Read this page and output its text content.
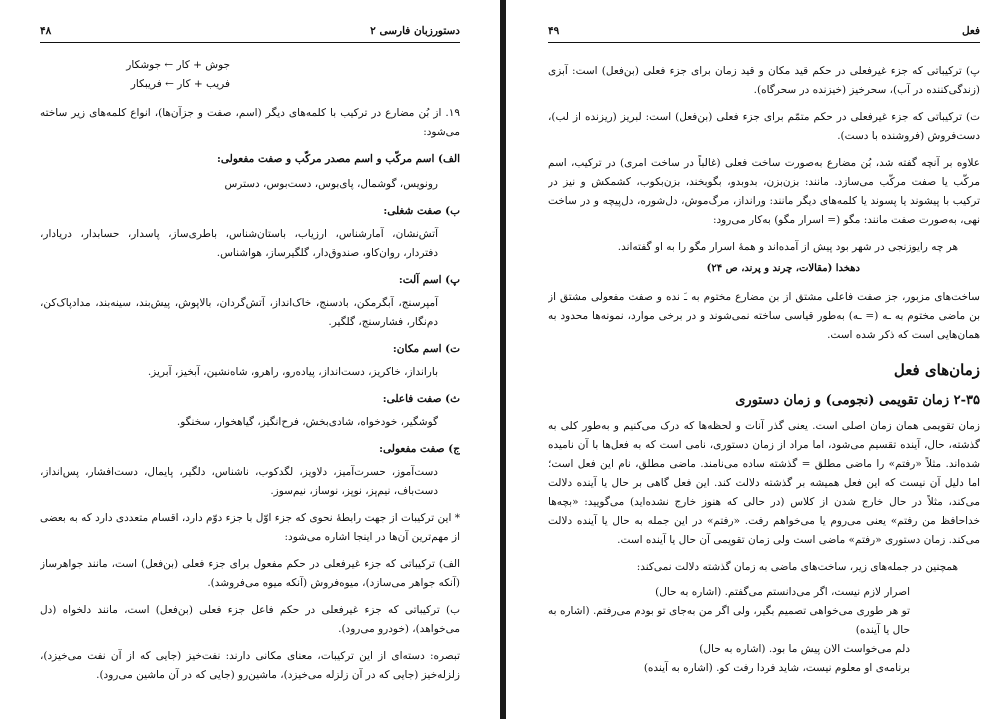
۴۸	دستورزبان فارسی ۲

جوش + کار ← جوشکار

فریب + کار ← فریبکار

۱۹. از بُن مضارع در ترکیب با کلمه‌های دیگر (اسم، صفت و جزآن‌ها)، انواع کلمه‌های زیر ساخته می‌شود:

الف) اسم مرکّب و اسم مصدر مرکّب و صفت مفعولی:

رونویس، گوشمال، پای‌بوس، دست‌بوس، دسترس

ب) صفت شغلی:

آتش‌نشان، آمارشناس، ارزیاب، باستان‌شناس، باطری‌ساز، پاسدار، حسابدار، دریادار، دفتردار، روان‌کاو، صندوق‌دار، گلگیرساز، هواشناس.

پ) اسم آلت:

آمپرسنج، آبگرمکن، بادسنج، خاک‌انداز، آتش‌گردان، بالاپوش، پیش‌بند، سینه‌بند، مدادپاک‌کن، دم‌نگار، فشارسنج، گلگیر.

ت) اسم مکان:

بارانداز، خاکریز، دست‌انداز، پیاده‌رو، راهرو، شاه‌نشین، آبخیز، آبریز.

ث) صفت فاعلی:

گوشگیر، خودخواه، شادی‌بخش، فرح‌انگیز، گیاهخوار، سخنگو.

ج) صفت مفعولی:

دست‌آموز، حسرت‌آمیز، دلاویز، لگدکوب، ناشناس، دلگیر، پایمال، دست‌افشار، پس‌انداز، دست‌باف، نیم‌پز، نوپز، نوساز، نیم‌سوز.

* این ترکیبات از جهت رابطهٔ نحوی که جزء اوّل با جزء دوّم دارد، اقسام متعددی دارد که به بعضی از مهم‌ترین آن‌ها در اینجا اشاره می‌شود:

الف) ترکیباتی که جزء غیرفعلی در حکم مفعول برای جزء فعلی (بن‌فعل) است، مانند جواهرساز (آنکه جواهر می‌سازد)، میوه‌فروش (آنکه میوه می‌فروشد).

ب) ترکیباتی که جزء غیرفعلی در حکم فاعل جزء فعلی (بن‌فعل) است، مانند دلخواه (دل می‌خواهد)، (خودرو می‌رود).

تبصره: دسته‌ای از این ترکیبات، معنای مکانی دارند: نفت‌خیز (جایی که از آن نفت می‌خیزد)، زلزله‌خیز (جایی که در آن زلزله می‌خیزد)، ماشین‌رو (جایی که در آن ماشین می‌رود).

۴۹	فعل

پ) ترکیباتی که جزء غیرفعلی در حکم قید مکان و قید زمان برای جزء فعلی (بن‌فعل) است: آبزی (زندگی‌کننده در آب)، سحرخیز (خیزنده در سحرگاه).

ت) ترکیباتی که جزء غیرفعلی در حکم متمّم برای جزء فعلی (بن‌فعل) است: لبریز (ریزنده از لب)، دست‌فروش (فروشنده با دست).

علاوه بر آنچه گفته شد، بُن مضارع به‌صورت ساخت فعلی (غالباً در ساخت امری) در ترکیب، اسم مرکّب یا صفت مرکّب می‌سازد. مانند: بزن‌بزن، بدوبدو، بگوبخند، بزن‌بکوب، کشمکش و نیز در ترکیب با پیشوند یا پسوند یا کلمه‌های دیگر مانند: ورانداز، مرگ‌موش، دل‌شوره، دل‌پیچه و در ساخت نهی، به‌صورت صفت مانند: مگو (= اسرار مگو) به‌کار می‌رود:

هر چه رایوزنجی در شهر بود پیش از آمده‌اند و همهٔ اسرار مگو را به او گفته‌اند.

دهخدا (مقالات، چرند و پرند، ص ۲۴)

ساخت‌های مزبور، جز صفت فاعلی مشتق از بن مضارع مختوم به ـَ نده و صفت مفعولی مشتق از بن ماضی مختوم به ـه (= ـه) به‌طور قیاسی ساخته نمی‌شوند و در برخی موارد، نمونه‌ها محدود به همان‌هایی است که ذکر شده است.

زمان‌های فعل
۲-۳۵ زمان تقویمی (نجومی) و زمان دستوری

زمان تقویمی همان زمان اصلی است. یعنی گذر آنات و لحظه‌ها که درک می‌کنیم و به‌طور کلی به گذشته، حال، آینده تقسیم می‌شود، اما مراد از زمان دستوری، نامی است که به فعل‌ها با آن نامیده شده‌اند. مثلاً «رفتم» را ماضی مطلق = گذشته ساده می‌نامند. ماضی مطلق، نام این فعل است؛ اما دلیل آن نیست که این فعل همیشه بر گذشته دلالت کند. این فعل گاهی بر حال یا آینده دلالت می‌کند، مثلاً در حال خارج شدن از کلاس (در حالی که هنوز خارج نشده‌اید) می‌گویید: «بچه‌ها خداحافظ من رفتم» یعنی می‌روم یا می‌خواهم رفت. «رفتم» در این جمله به حال یا آینده دلالت می‌کند. زمان دستوری «رفتم» ماضی است ولی زمان تقویمی آن حال یا آینده است.

همچنین در جمله‌های زیر، ساخت‌های ماضی به زمان گذشته دلالت نمی‌کند:

اصرار لازم نیست، اگر می‌دانستم می‌گفتم. (اشاره به حال)

تو هر طوری می‌خواهی تصمیم بگیر، ولی اگر من به‌جای تو بودم می‌رفتم. (اشاره به حال یا آینده)

دلم می‌خواست الان پیش ما بود. (اشاره به حال)

برنامه‌ی او معلوم نیست، شاید فردا رفت کو. (اشاره به آینده)
